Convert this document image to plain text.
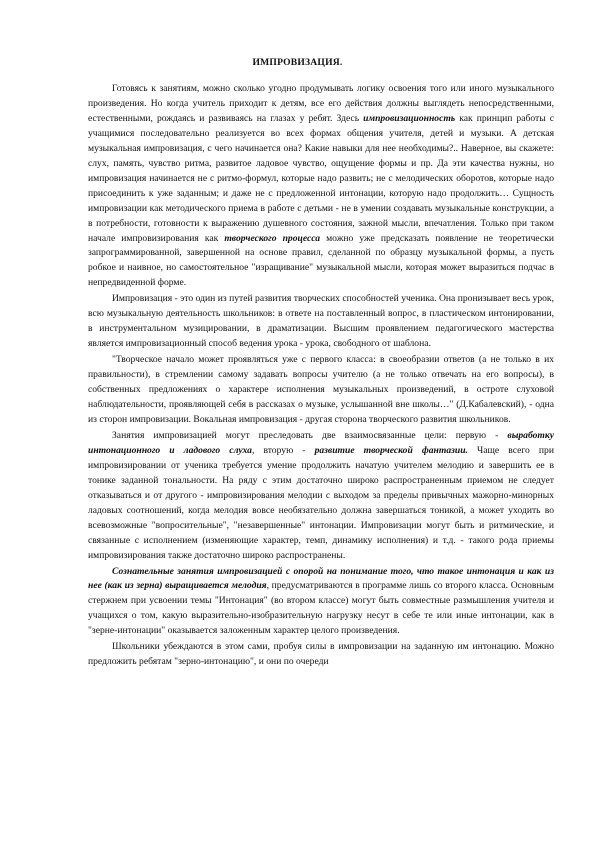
ИМПРОВИЗАЦИЯ.

Готовясь к занятиям, можно сколько угодно продумывать логику освоения того или иного музыкального произведения. Но когда учитель приходит к детям, все его действия должны выглядеть непосредственными, естественными, рождаясь и развиваясь на глазах у ребят. Здесь импровизационность как принцип работы с учащимися последовательно реализуется во всех формах общения учителя, детей и музыки. А детская музыкальная импровизация, с чего начинается она? Какие навыки для нее необходимы?.. Наверное, вы скажете: слух, память, чувство ритма, развитое ладовое чувство, ощущение формы и пр. Да эти качества нужны, но импровизация начинается не с ритмо-формул, которые надо развить; не с мелодических оборотов, которые надо присоединить к уже заданным; и даже не с предложенной интонации, которую надо продолжить… Сущность импровизации как методического приема в работе с детьми - не в умении создавать музыкальные конструкции, а в потребности, готовности к выражению душевного состояния, зажной мысли, впечатления. Только при таком начале импровизирования как творческого процесса можно уже предсказать появление не теоретически запрограммированной, завершенной на основе правил, сделанной по образцу музыкальной формы, а пусть робкое и наивное, но самостоятельное "изращивание" музыкальной мысли, которая может выразиться подчас в непредвиденной форме.

Импровизация - это один из путей развития творческих способностей ученика. Она пронизывает весь урок, всю музыкальную деятельность школьников: в ответе на поставленный вопрос, в пластическом интонировании, в инструментальном музицировании, в драматизации. Высшим проявлением педагогического мастерства является импровизационный способ ведения урока - урока, свободного от шаблона.

"Творческое начало может проявляться уже с первого класса: в своеобразии ответов (а не только в их правильности), в стремлении самому задавать вопросы учителю (а не только отвечать на его вопросы), в собственных предложениях о характере исполнения музыкальных произведений, в остроте слуховой наблюдательности, проявляющей себя в рассказах о музыке, услышанной вне школы…" (Д.Кабалевский), - одна из сторон импровизации. Вокальная импровизация - другая сторона творческого развития школьников.

Занятия импровизацией могут преследовать две взаимосвязанные цели: первую - выработку интонационного и ладового слуха, вторую - развитие творческой фантазии. Чаще всего при импровизировании от ученика требуется умение продолжить начатую учителем мелодию и завершить ее в тонике заданной тональности. На ряду с этим достаточно широко распространенным приемом не следует отказываться и от другого - импровизирования мелодии с выходом за пределы привычных мажорно-минорных ладовых соотношений, когда мелодия вовсе необязательно должна завершаться тоникой, а может уходить во всевозможные "вопросительные", "незавершенные" интонации. Импровизации могут быть и ритмические, и связанные с исполнением (изменяющие характер, темп, динамику исполнения) и т.д. - такого рода приемы импровизирования также достаточно широко распространены.

Сознательные занятия импровизацией с опорой на понимание того, что такое интонация и как из нее (как из зерна) выращивается мелодия, предусматриваются в программе лишь со второго класса. Основным стержнем при усвоении темы "Интонация" (во втором классе) могут быть совместные размышления учителя и учащихся о том, какую выразительно-изобразительную нагрузку несут в себе те или иные интонации, как в "зерне-интонации" оказывается заложенным характер целого произведения.

Школьники убеждаются в этом сами, пробуя силы в импровизации на заданную им интонацию. Можно предложить ребятам "зерно-интонацию", и они по очереди
